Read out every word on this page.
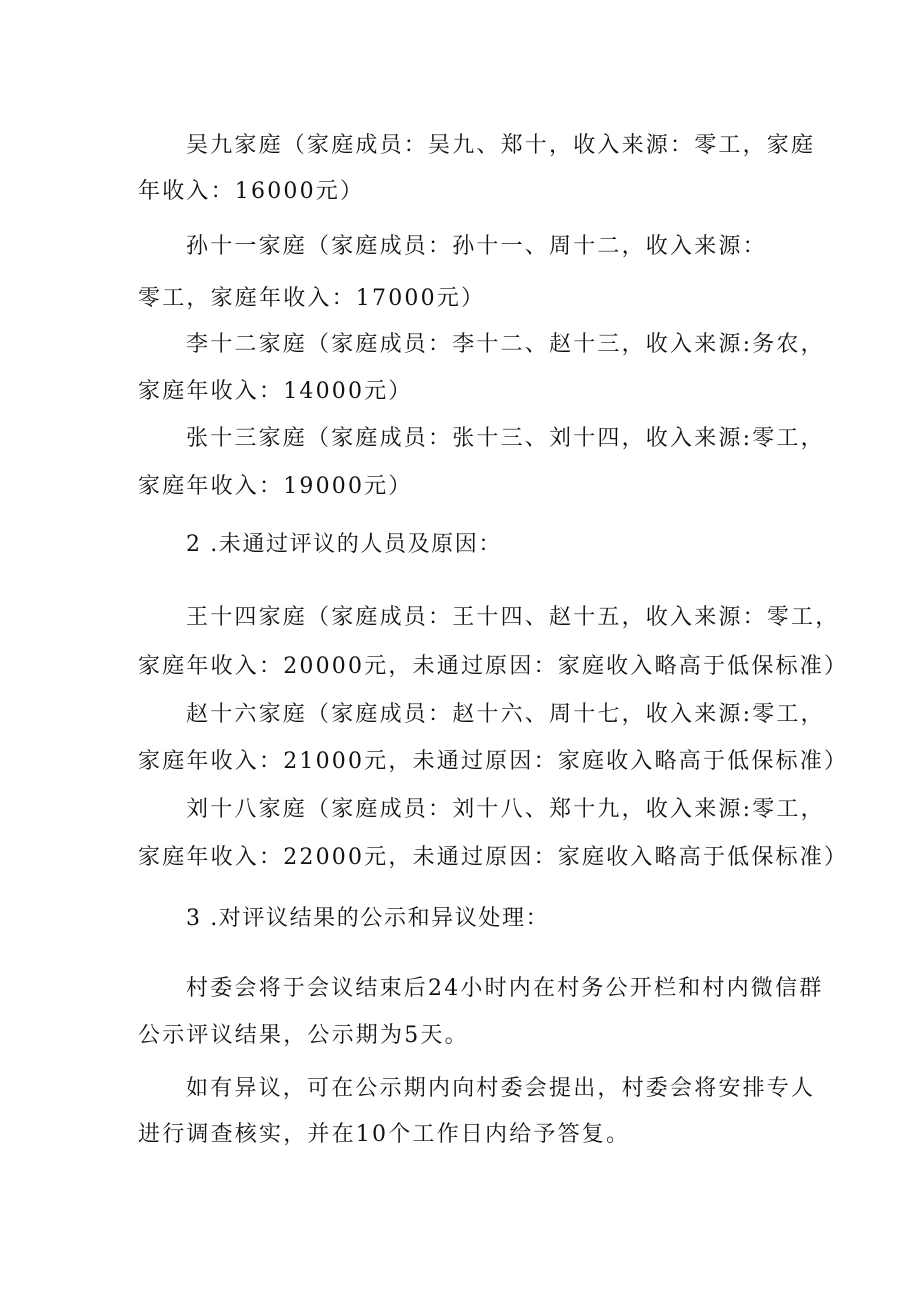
吴九家庭（家庭成员：吴九、郑十，收入来源：零工，家庭
年收入：16000元）
孙十一家庭（家庭成员：孙十一、周十二，收入来源：
零工，家庭年收入：17000元）
李十二家庭（家庭成员：李十二、赵十三，收入来源:务农，
家庭年收入：14000元）
张十三家庭（家庭成员：张十三、刘十四，收入来源:零工，
家庭年收入：19000元）
2 .未通过评议的人员及原因：
王十四家庭（家庭成员：王十四、赵十五，收入来源：零工，
家庭年收入：20000元，未通过原因：家庭收入略高于低保标准）
赵十六家庭（家庭成员：赵十六、周十七，收入来源:零工，
家庭年收入：21000元，未通过原因：家庭收入略高于低保标准）
刘十八家庭（家庭成员：刘十八、郑十九，收入来源:零工，
家庭年收入：22000元，未通过原因：家庭收入略高于低保标准）
3 .对评议结果的公示和异议处理：
村委会将于会议结束后24小时内在村务公开栏和村内微信群
公示评议结果，公示期为5天。
如有异议，可在公示期内向村委会提出，村委会将安排专人
进行调查核实，并在10个工作日内给予答复。
